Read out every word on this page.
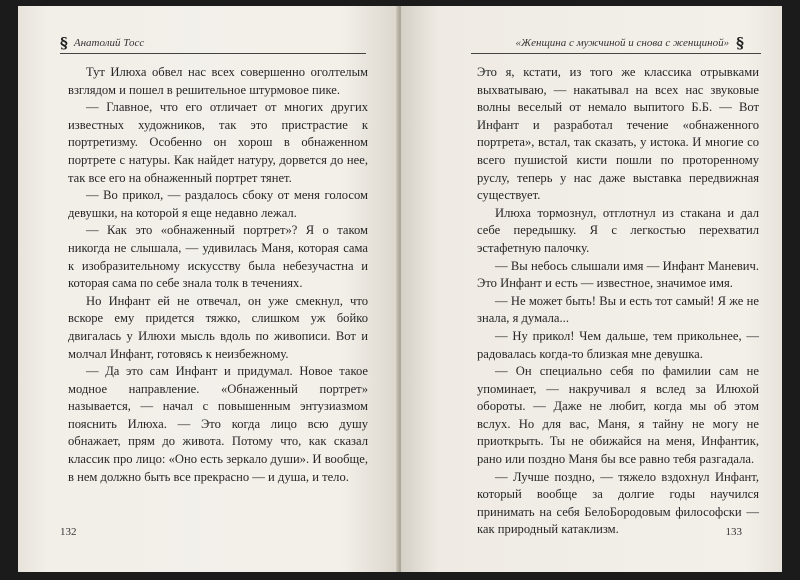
§ Анатолий Тосс

Тут Илюха обвел нас всех совершенно оголтелым взглядом и пошел в решительное штурмовое пике.

— Главное, что его отличает от многих других известных художников, так это пристрастие к портретизму. Особенно он хорош в обнаженном портрете с натуры. Как найдет натуру, дорвется до нее, так все его на обнаженный портрет тянет.

— Во прикол, — раздалось сбоку от меня голосом девушки, на которой я еще недавно лежал.

— Как это «обнаженный портрет»? Я о таком никогда не слышала, — удивилась Маня, которая сама к изобразительному искусству была небезучастна и которая сама по себе знала толк в течениях.

Но Инфант ей не отвечал, он уже смекнул, что вскоре ему придется тяжко, слишком уж бойко двигалась у Илюхи мысль вдоль по живописи. Вот и молчал Инфант, готовясь к неизбежному.

— Да это сам Инфант и придумал. Новое такое модное направление. «Обнаженный портрет» называется, — начал с повышенным энтузиазмом пояснить Илюха. — Это когда лицо всю душу обнажает, прям до живота. Потому что, как сказал классик про лицо: «Оно есть зеркало души». И вообще, в нем должно быть все прекрасно — и душа, и тело.

132
«Женщина с мужчиной и снова с женщиной» §

Это я, кстати, из того же классика отрывками выхватываю, — накатывал на всех нас звуковые волны веселый от немало выпитого Б.Б. — Вот Инфант и разработал течение «обнаженного портрета», встал, так сказать, у истока. И многие со всего пушистой кисти пошли по проторенному руслу, теперь у нас даже выставка передвижная существует.

Илюха тормознул, отглотнул из стакана и дал себе передышку. Я с легкостью перехватил эстафетную палочку.

— Вы небось слышали имя — Инфант Маневич. Это Инфант и есть — известное, значимое имя.

— Не может быть! Вы и есть тот самый! Я же не знала, я думала...

— Ну прикол! Чем дальше, тем прикольнее, — радовалась когда-то близкая мне девушка.

— Он специально себя по фамилии сам не упоминает, — накручивал я вслед за Илюхой обороты. — Даже не любит, когда мы об этом вслух. Но для вас, Маня, я тайну не могу не приоткрыть. Ты не обижайся на меня, Инфантик, рано или поздно Маня бы все равно тебя разгадала.

— Лучше поздно, — тяжело вздохнул Инфант, который вообще за долгие годы научился принимать на себя БелоБородовым философски — как природный катаклизм.	133
